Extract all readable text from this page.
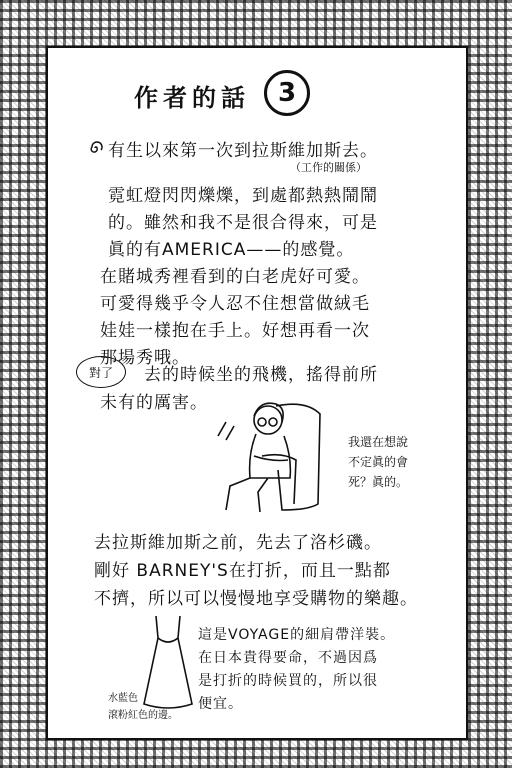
作者的話	3
有生以來第一次到拉斯維加斯去。
（工作的關係）
霓虹燈閃閃爍爍，到處都熱熱鬧鬧
的。雖然和我不是很合得來，可是
眞的有AMERICA——的感覺。
在賭城秀裡看到的白老虎好可愛。
可愛得幾乎令人忍不住想當做絨毛
娃娃一樣抱在手上。好想再看一次
那場秀哦。
對了	去的時候坐的飛機，搖得前所
未有的厲害。
我還在想說
不定眞的會
死？眞的。
去拉斯維加斯之前，先去了洛杉磯。
剛好 BARNEY'S在打折，而且一點都
不擠，所以可以慢慢地享受購物的樂趣。
這是VOYAGE的細肩帶洋裝。
在日本貴得要命，不過因爲
是打折的時候買的，所以很
便宜。
水藍色
滾粉紅色的邊。
